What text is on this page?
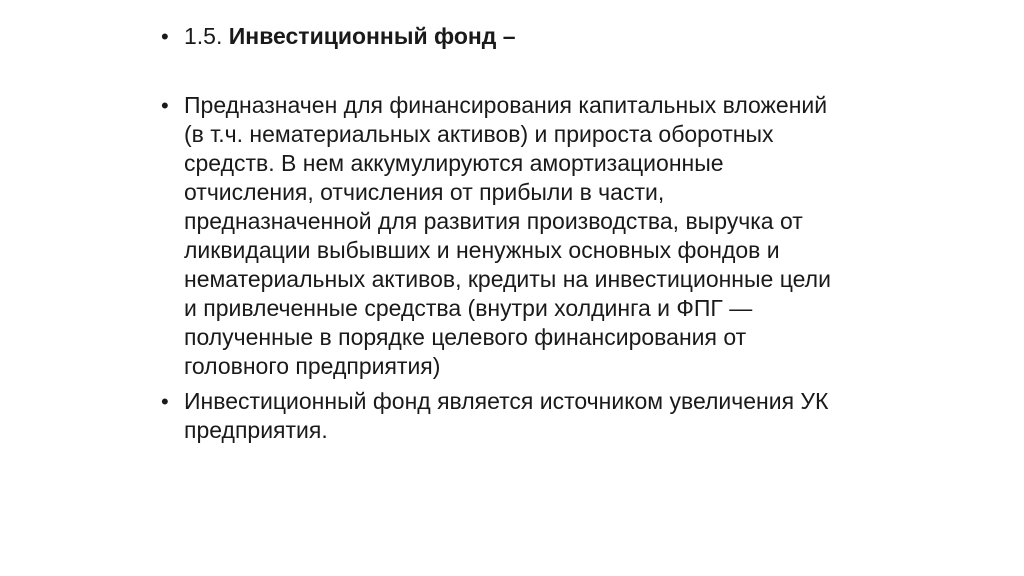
• 1.5. Инвестиционный фонд –
• Предназначен для финансирования капитальных вложений (в т.ч. нематериальных активов) и прироста оборотных средств. В нем аккумулируются амортизационные отчисления, отчисления от прибыли в части, предназначенной для развития производства, выручка от ликвидации выбывших и ненужных основных фондов и нематериальных активов, кредиты на инвестиционные цели и привлеченные средства (внутри холдинга и ФПГ — полученные в порядке целевого финансирования от головного предприятия)
• Инвестиционный фонд является источником увеличения УК предприятия.
